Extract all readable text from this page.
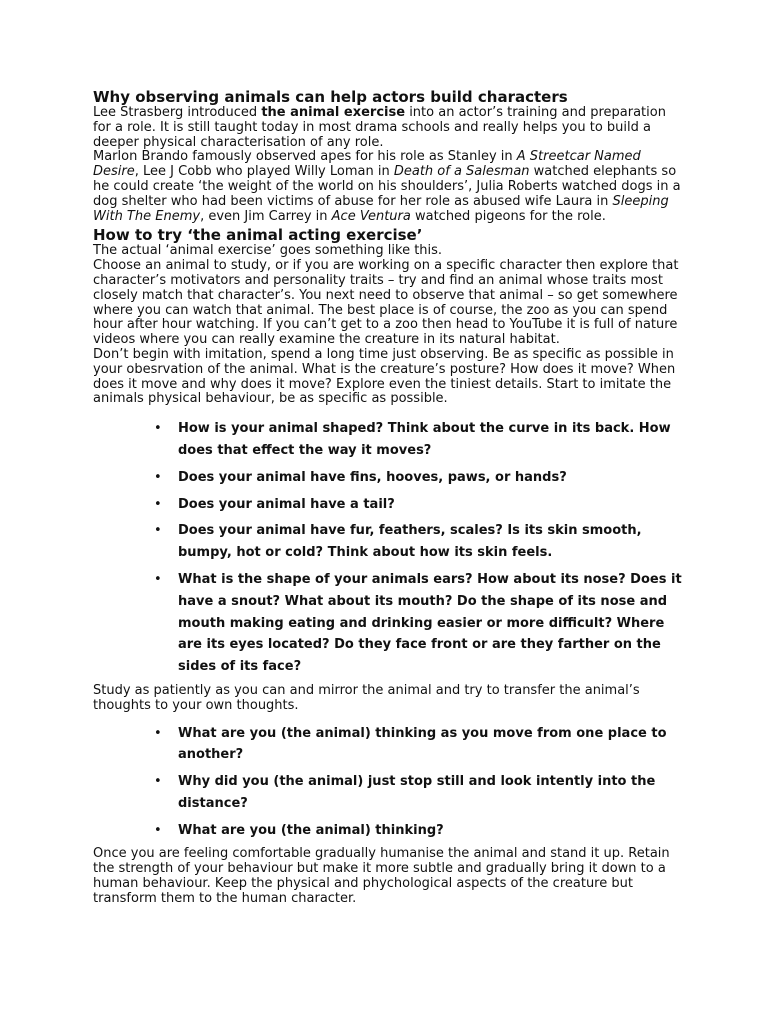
Why observing animals can help actors build characters

Lee Strasberg introduced the animal exercise into an actor’s training and preparation for a role. It is still taught today in most drama schools and really helps you to build a deeper physical characterisation of any role.

Marlon Brando famously observed apes for his role as Stanley in A Streetcar Named Desire, Lee J Cobb who played Willy Loman in Death of a Salesman watched elephants so he could create ‘the weight of the world on his shoulders’, Julia Roberts watched dogs in a dog shelter who had been victims of abuse for her role as abused wife Laura in Sleeping With The Enemy, even Jim Carrey in Ace Ventura watched pigeons for the role.

How to try ‘the animal acting exercise’

The actual ‘animal exercise’ goes something like this.

Choose an animal to study, or if you are working on a specific character then explore that character’s motivators and personality traits – try and find an animal whose traits most closely match that character’s. You next need to observe that animal – so get somewhere where you can watch that animal. The best place is of course, the zoo as you can spend hour after hour watching. If you can’t get to a zoo then head to YouTube it is full of nature videos where you can really examine the creature in its natural habitat.

Don’t begin with imitation, spend a long time just observing. Be as specific as possible in your obesrvation of the animal. What is the creature’s posture? How does it move? When does it move and why does it move? Explore even the tiniest details. Start to imitate the animals physical behaviour, be as specific as possible.

• How is your animal shaped? Think about the curve in its back. How does that effect the way it moves?
• Does your animal have fins, hooves, paws, or hands?
• Does your animal have a tail?
• Does your animal have fur, feathers, scales? Is its skin smooth, bumpy, hot or cold? Think about how its skin feels.
• What is the shape of your animals ears? How about its nose? Does it have a snout? What about its mouth? Do the shape of its nose and mouth making eating and drinking easier or more difficult? Where are its eyes located? Do they face front or are they farther on the sides of its face?

Study as patiently as you can and mirror the animal and try to transfer the animal’s thoughts to your own thoughts.

• What are you (the animal) thinking as you move from one place to another?
• Why did you (the animal) just stop still and look intently into the distance?
• What are you (the animal) thinking?

Once you are feeling comfortable gradually humanise the animal and stand it up. Retain the strength of your behaviour but make it more subtle and gradually bring it down to a human behaviour. Keep the physical and phychological aspects of the creature but transform them to the human character.
